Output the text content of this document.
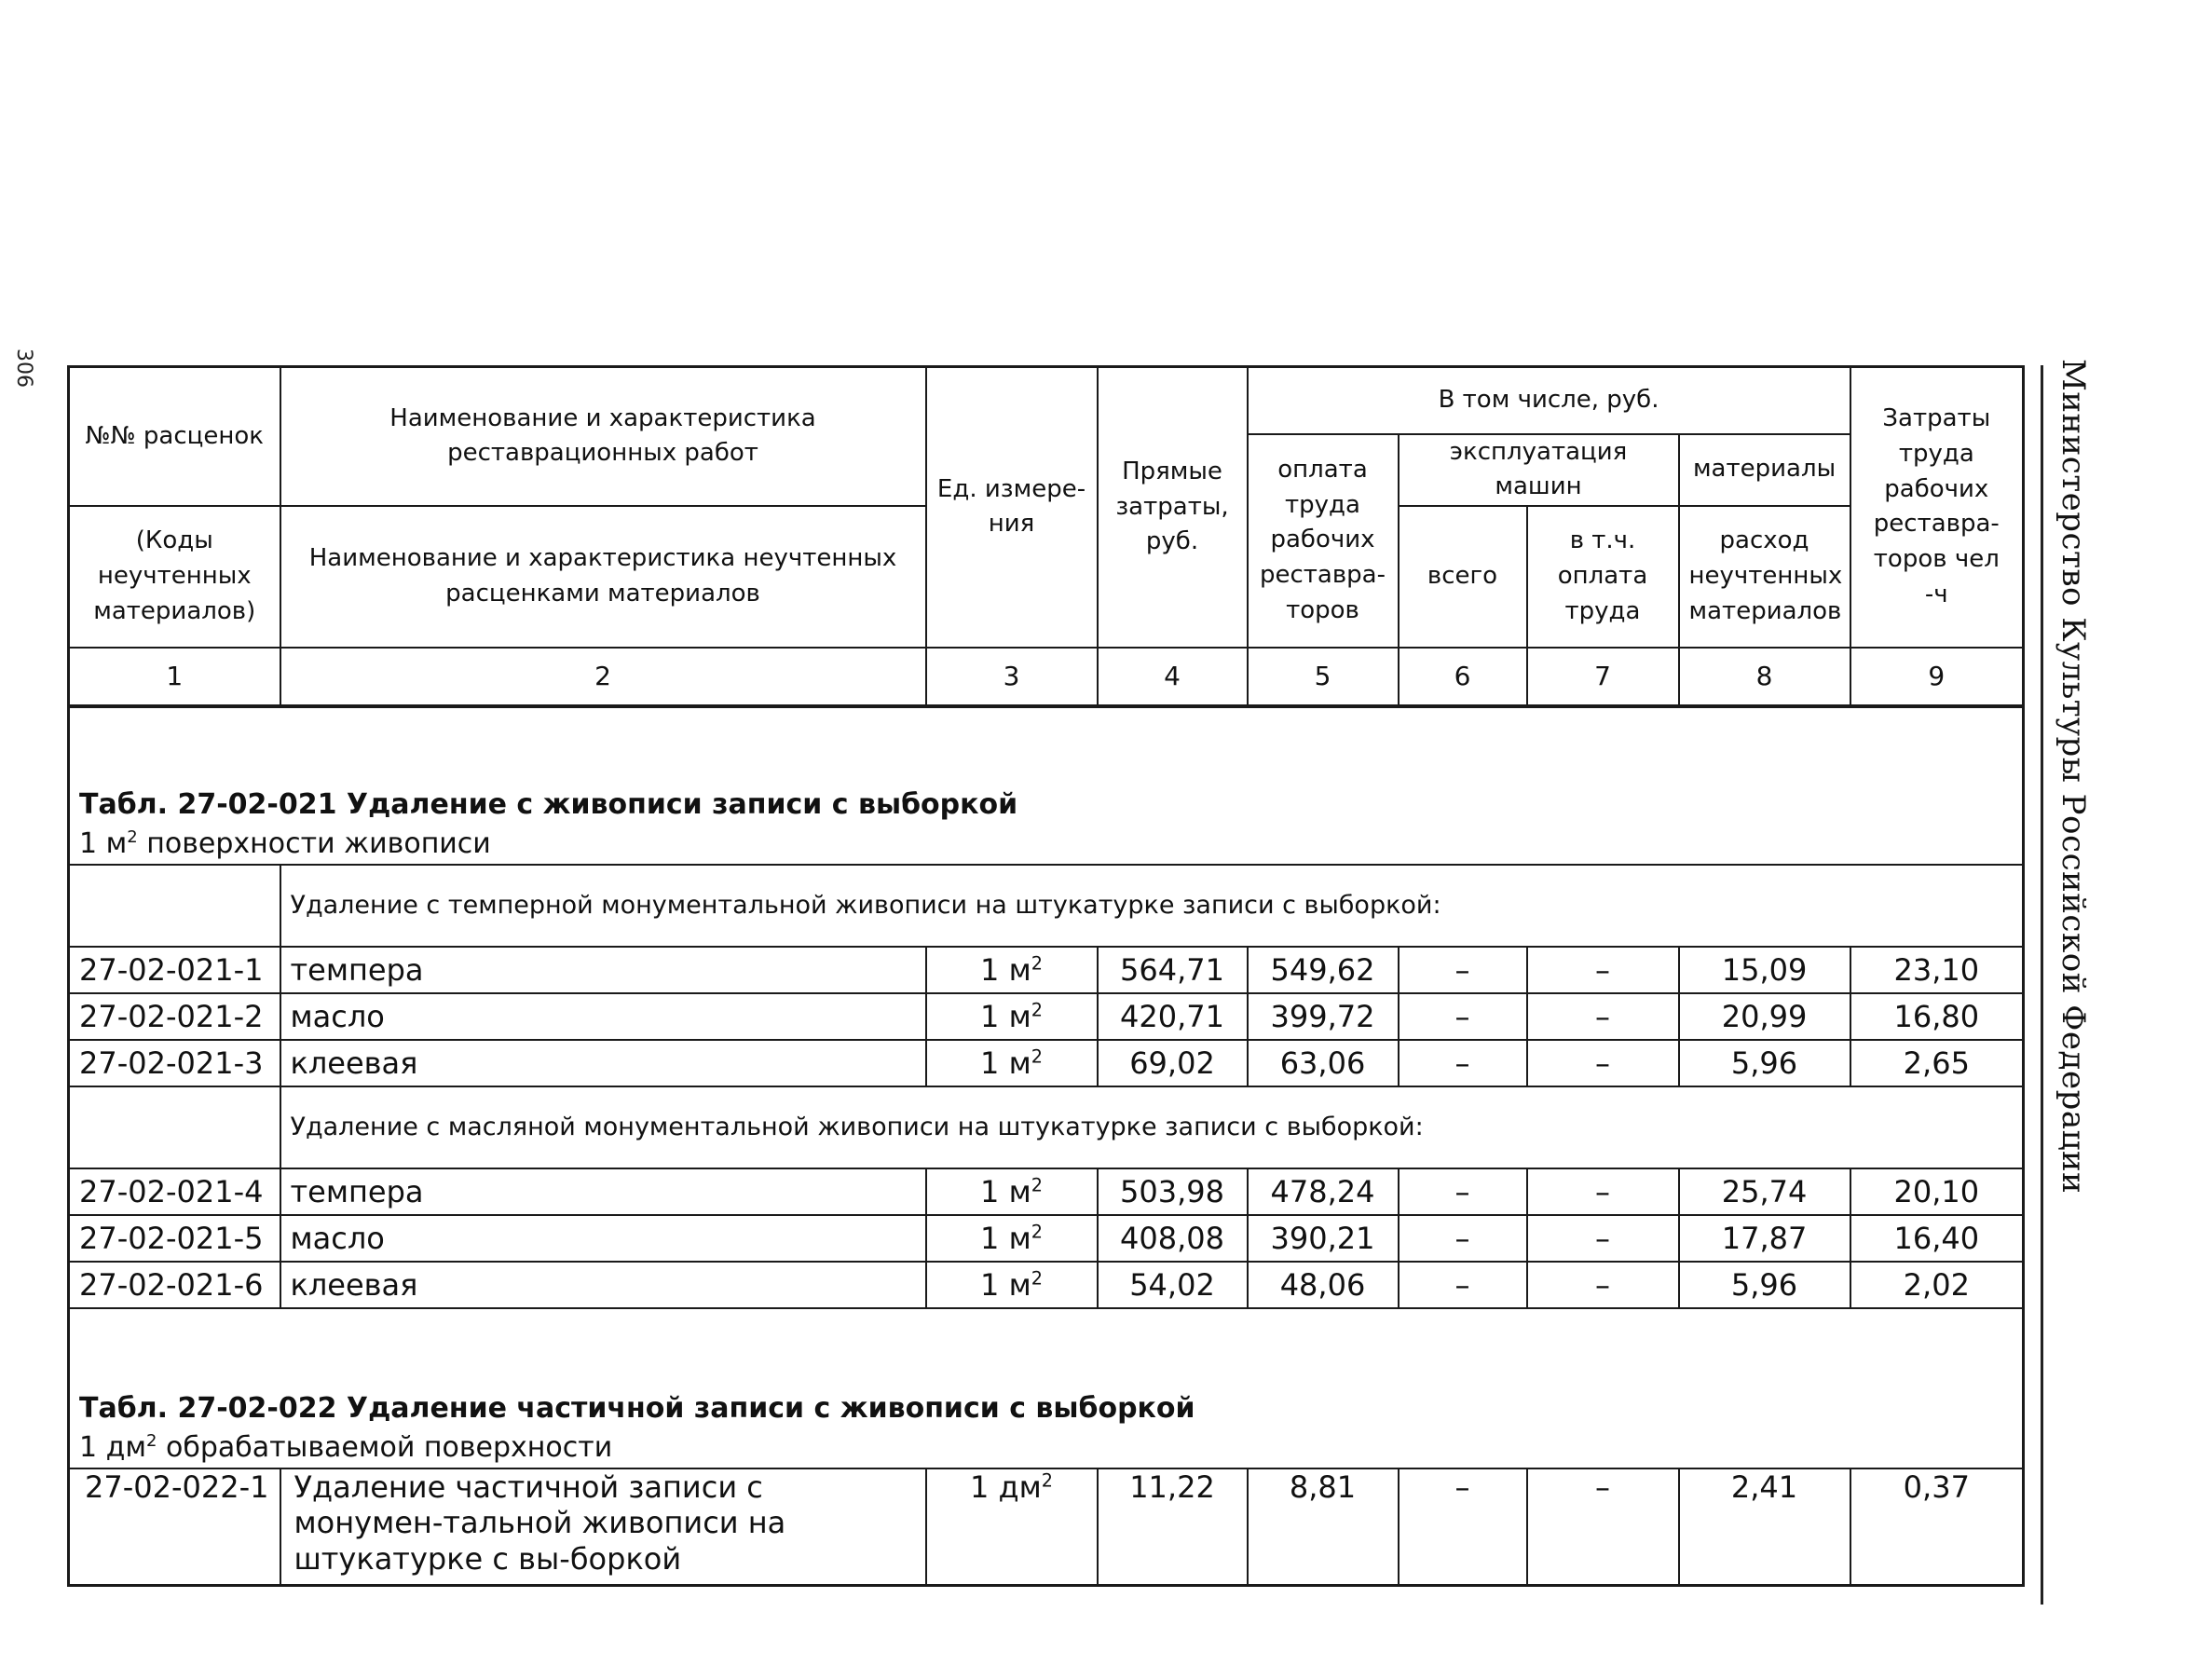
306	Министерство Культуры Российской Федерации
№№ расценок	Наименование и характеристика реставрационных работ	Ед. измере-ния	Прямые затраты, руб.	В том числе, руб.				Затраты труда рабочих реставра-торов чел -ч
				оплата труда рабочих реставра-торов	эксплуатация машин		материалы	
(Коды неучтенных материалов)	Наименование и характеристика неучтенных расценками материалов				всего	в т.ч. оплата труда	расход неучтенных материалов	
1	2	3	4	5	6	7	8	9

Табл. 27-02-021 Удаление с живописи записи с выборкой
1 $м^2$ поверхности живописи								

	Удаление с темперной монументальной живописи на штукатурке записи с выборкой:							
27-02-021-1	темпера	1 $м^2$	564,71	549,62	–	–	15,09	23,10
27-02-021-2	масло	1 $м^2$	420,71	399,72	–	–	20,99	16,80
27-02-021-3	клеевая	1 $м^2$	69,02	63,06	–	–	5,96	2,65
	Удаление с масляной монументальной живописи на штукатурке записи с выборкой:							
27-02-021-4	темпера	1 $м^2$	503,98	478,24	–	–	25,74	20,10
27-02-021-5	масло	1 $м^2$	408,08	390,21	–	–	17,87	16,40
27-02-021-6	клеевая	1 $м^2$	54,02	48,06	–	–	5,96	2,02

Табл. 27-02-022 Удаление частичной записи с живописи с выборкой
1 $дм^2$ обрабатываемой поверхности								

27-02-022-1	Удаление частичной записи с монумен-тальной живописи на штукатурке с вы-боркой	1 $дм^2$	11,22	8,81	–	–	2,41	0,37
